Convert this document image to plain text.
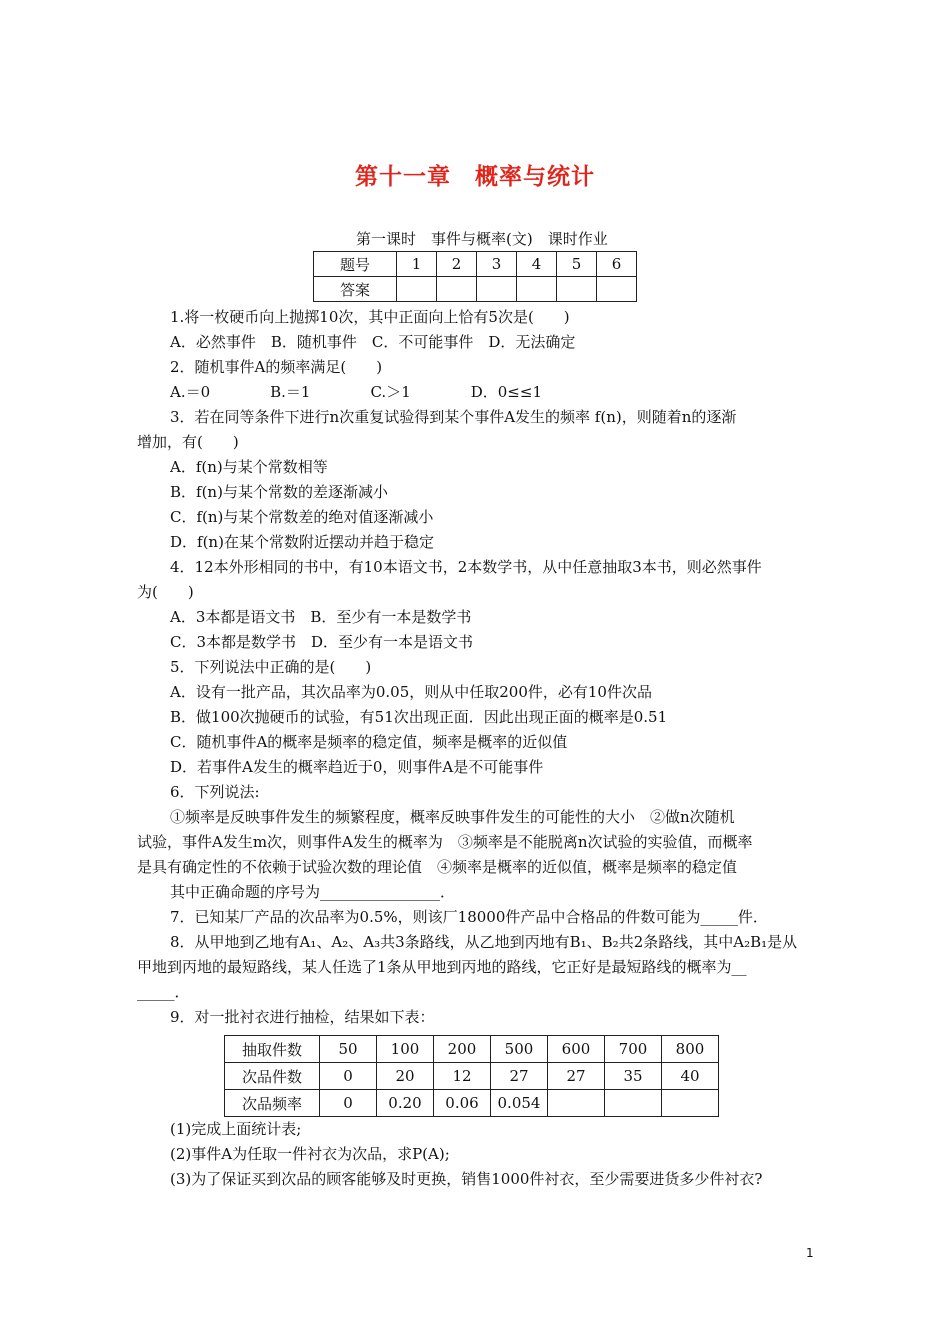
第十一章　概率与统计
第一课时　事件与概率(文)　课时作业
题号	1	2	3	4	5	6
答案						
1.将一枚硬币向上抛掷10次，其中正面向上恰有5次是(　　)
A．必然事件　B．随机事件　C．不可能事件　D．无法确定
2．随机事件A的频率满足(　　)
A.＝0　　　　B.＝1　　　　C.＞1　　　　D．0≤≤1
3．若在同等条件下进行n次重复试验得到某个事件A发生的频率 f(n)，则随着n的逐渐
增加，有(　　)
A．f(n)与某个常数相等
B．f(n)与某个常数的差逐渐减小
C．f(n)与某个常数差的绝对值逐渐减小
D．f(n)在某个常数附近摆动并趋于稳定
4．12本外形相同的书中，有10本语文书，2本数学书，从中任意抽取3本书，则必然事件
为(　　)
A．3本都是语文书　B．至少有一本是数学书
C．3本都是数学书　D．至少有一本是语文书
5．下列说法中正确的是(　　)
A．设有一批产品，其次品率为0.05，则从中任取200件，必有10件次品
B．做100次抛硬币的试验，有51次出现正面．因此出现正面的概率是0.51
C．随机事件A的概率是频率的稳定值，频率是概率的近似值
D．若事件A发生的概率趋近于0，则事件A是不可能事件
6．下列说法:
①频率是反映事件发生的频繁程度，概率反映事件发生的可能性的大小　②做n次随机
试验，事件A发生m次，则事件A发生的概率为　③频率是不能脱离n次试验的实验值，而概率
是具有确定性的不依赖于试验次数的理论值　④频率是概率的近似值，概率是频率的稳定值
其中正确命题的序号为________________．
7．已知某厂产品的次品率为0.5%，则该厂18000件产品中合格品的件数可能为_____件．
8．从甲地到乙地有A₁、A₂、A₃共3条路线，从乙地到丙地有B₁、B₂共2条路线，其中A₂B₁是从
甲地到丙地的最短路线，某人任选了1条从甲地到丙地的路线，它正好是最短路线的概率为__
_____．
9．对一批衬衣进行抽检，结果如下表：
抽取件数	50	100	200	500	600	700	800
次品件数	0	20	12	27	27	35	40
次品频率	0	0.20	0.06	0.054			
(1)完成上面统计表;
(2)事件A为任取一件衬衣为次品，求P(A);
(3)为了保证买到次品的顾客能够及时更换，销售1000件衬衣，至少需要进货多少件衬衣?
1
